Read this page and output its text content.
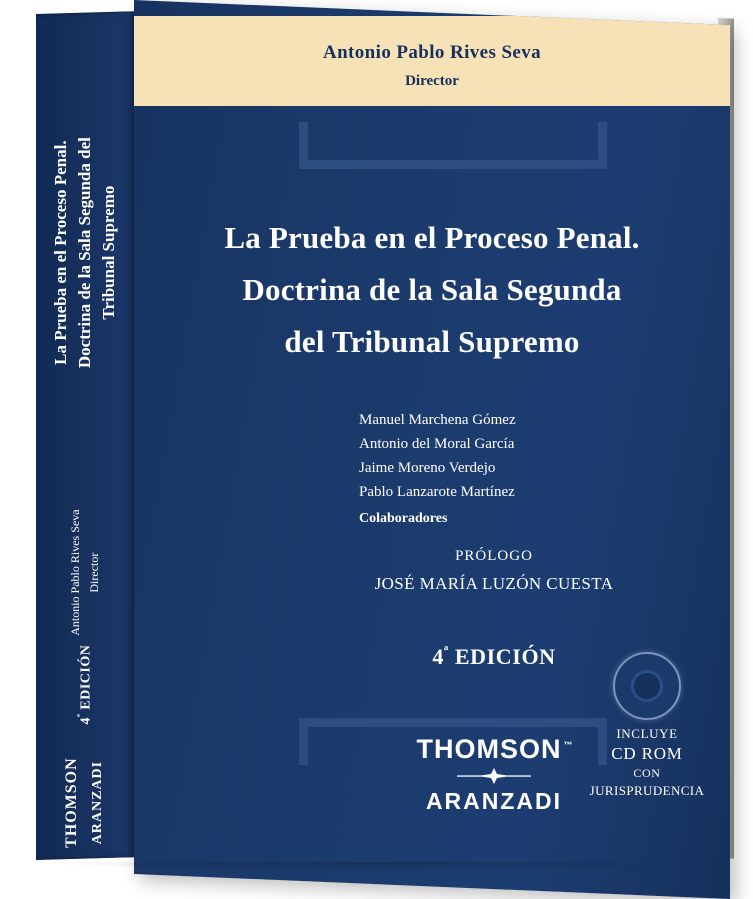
La Prueba en el Proceso Penal. Doctrina de la Sala Segunda del Tribunal Supremo
Antonio Pablo Rives Seva Director
$4^ª$ EDICIÓN
THOMSON ARANZADI
Antonio Pablo Rives Seva
Director
La Prueba en el Proceso Penal.
Doctrina de la Sala Segunda
del Tribunal Supremo
Manuel Marchena Gómez
Antonio del Moral García
Jaime Moreno Verdejo
Pablo Lanzarote Martínez
Colaboradores
PRÓLOGO
JOSÉ MARÍA LUZÓN CUESTA
$4^ª$ EDICIÓN
THOMSON ™
ARANZADI
INCLUYE
CD ROM
CON
JURISPRUDENCIA
